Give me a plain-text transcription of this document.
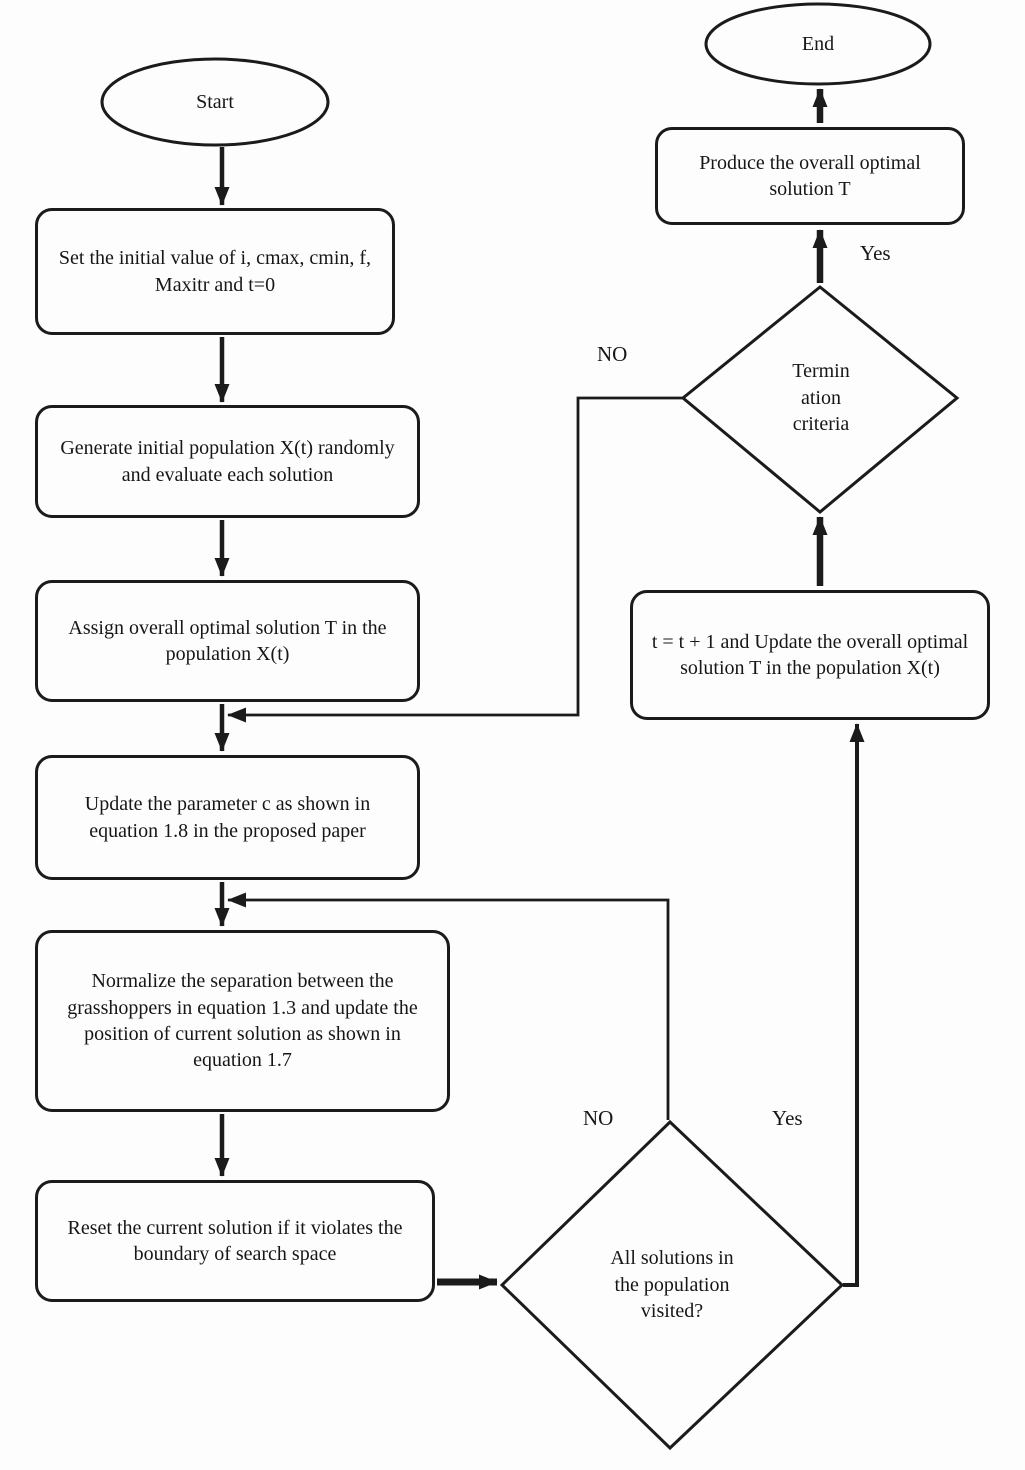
Start
End
Set the initial value of i, cmax, cmin, f, Maxitr and t=0
Generate initial population X(t) randomly and evaluate each solution
Assign overall optimal solution T in the population X(t)
Update the parameter c as shown in equation 1.8 in the proposed paper
Normalize the separation between the grasshoppers in equation 1.3 and update the position of current solution as shown in equation 1.7
Reset the current solution if it violates the boundary of search space
t = t + 1 and Update the overall optimal solution T in the population X(t)
Produce the overall optimal solution T
Termin ation criteria
All solutions in the population visited?
NO
Yes
NO	Yes
